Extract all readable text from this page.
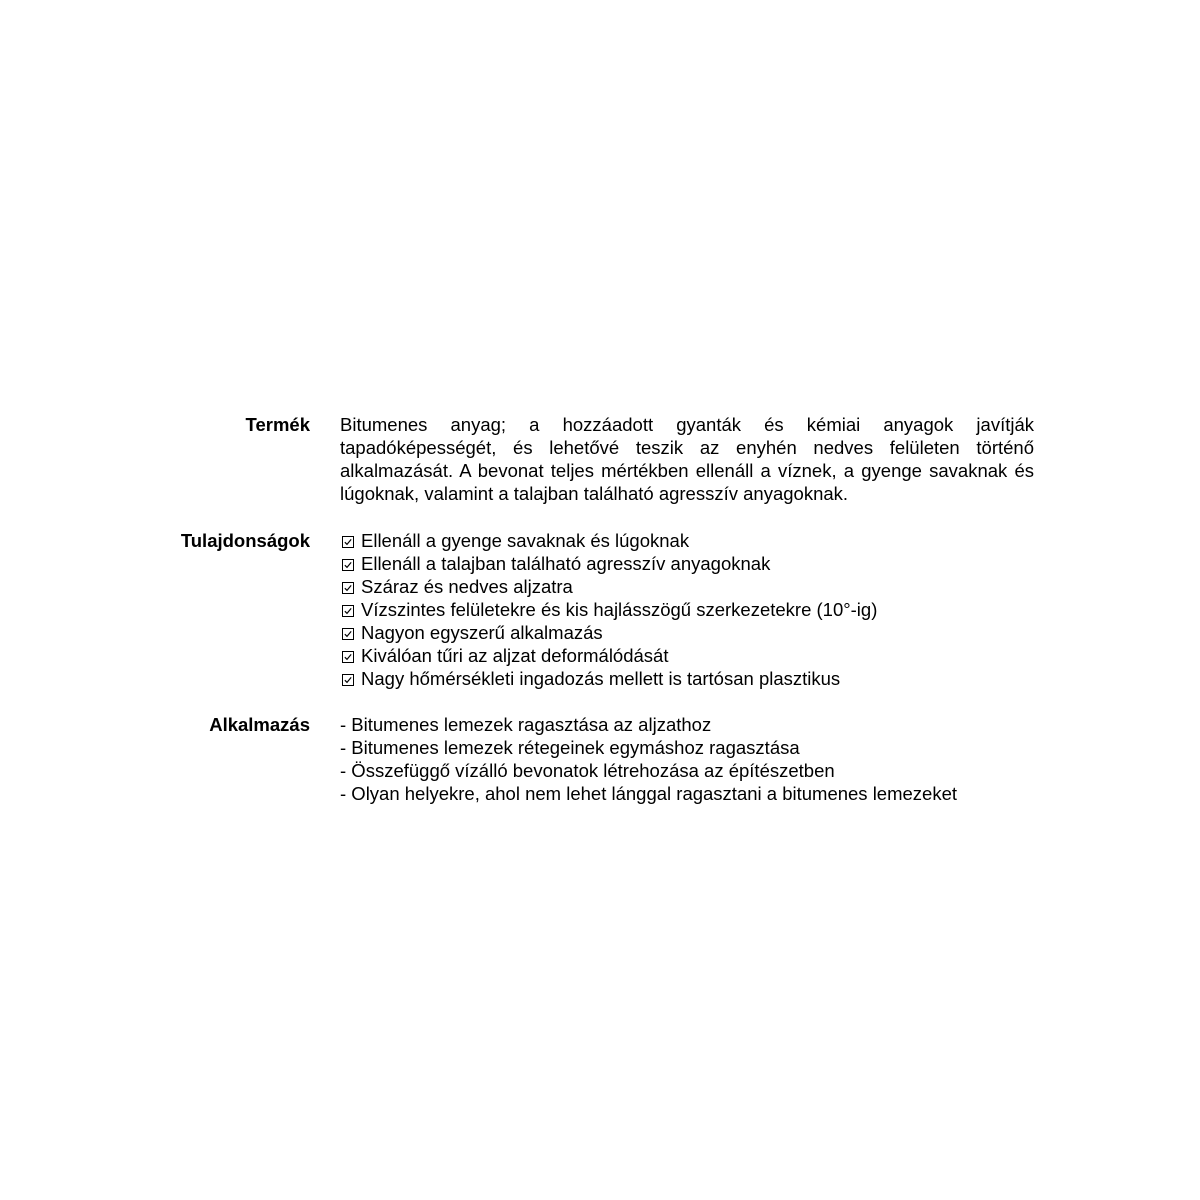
Termék Bitumenes anyag; a hozzáadott gyanták és kémiai anyagok javítják tapadóképességét, és lehetővé teszik az enyhén nedves felületen történő alkalmazását. A bevonat teljes mértékben ellenáll a víznek, a gyenge savaknak és lúgoknak, valamint a talajban található agresszív anyagoknak.

Tulajdonságok	Ellenáll a gyenge savaknak és lúgoknak
Ellenáll a talajban található agresszív anyagoknak
Száraz és nedves aljzatra
Vízszintes felületekre és kis hajlásszögű szerkezetekre (10°-ig)
Nagyon egyszerű alkalmazás
Kiválóan tűri az aljzat deformálódását
Nagy hőmérsékleti ingadozás mellett is tartósan plasztikus
Alkalmazás - Bitumenes lemezek ragasztása az aljzathoz
- Bitumenes lemezek rétegeinek egymáshoz ragasztása
- Összefüggő vízálló bevonatok létrehozása az építészetben
- Olyan helyekre, ahol nem lehet lánggal ragasztani a bitumenes lemezeket
